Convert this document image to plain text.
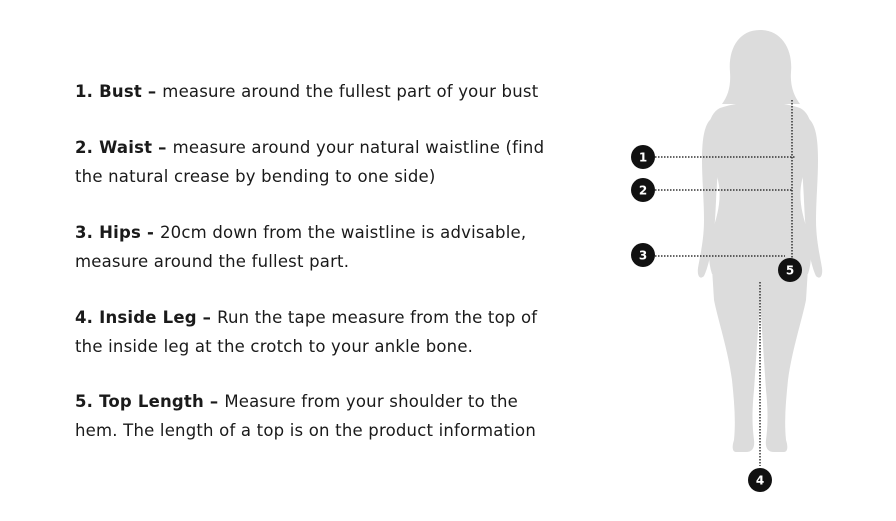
1. Bust – measure around the fullest part of your bust

2. Waist – measure around your natural waistline (find
the natural crease by bending to one side)

3. Hips - 20cm down from the waistline is advisable,
measure around the fullest part.

4. Inside Leg – Run the tape measure from the top of
the inside leg at the crotch to your ankle bone.

5. Top Length – Measure from your shoulder to the
hem. The length of a top is on the product information

1
2
3
4
5
